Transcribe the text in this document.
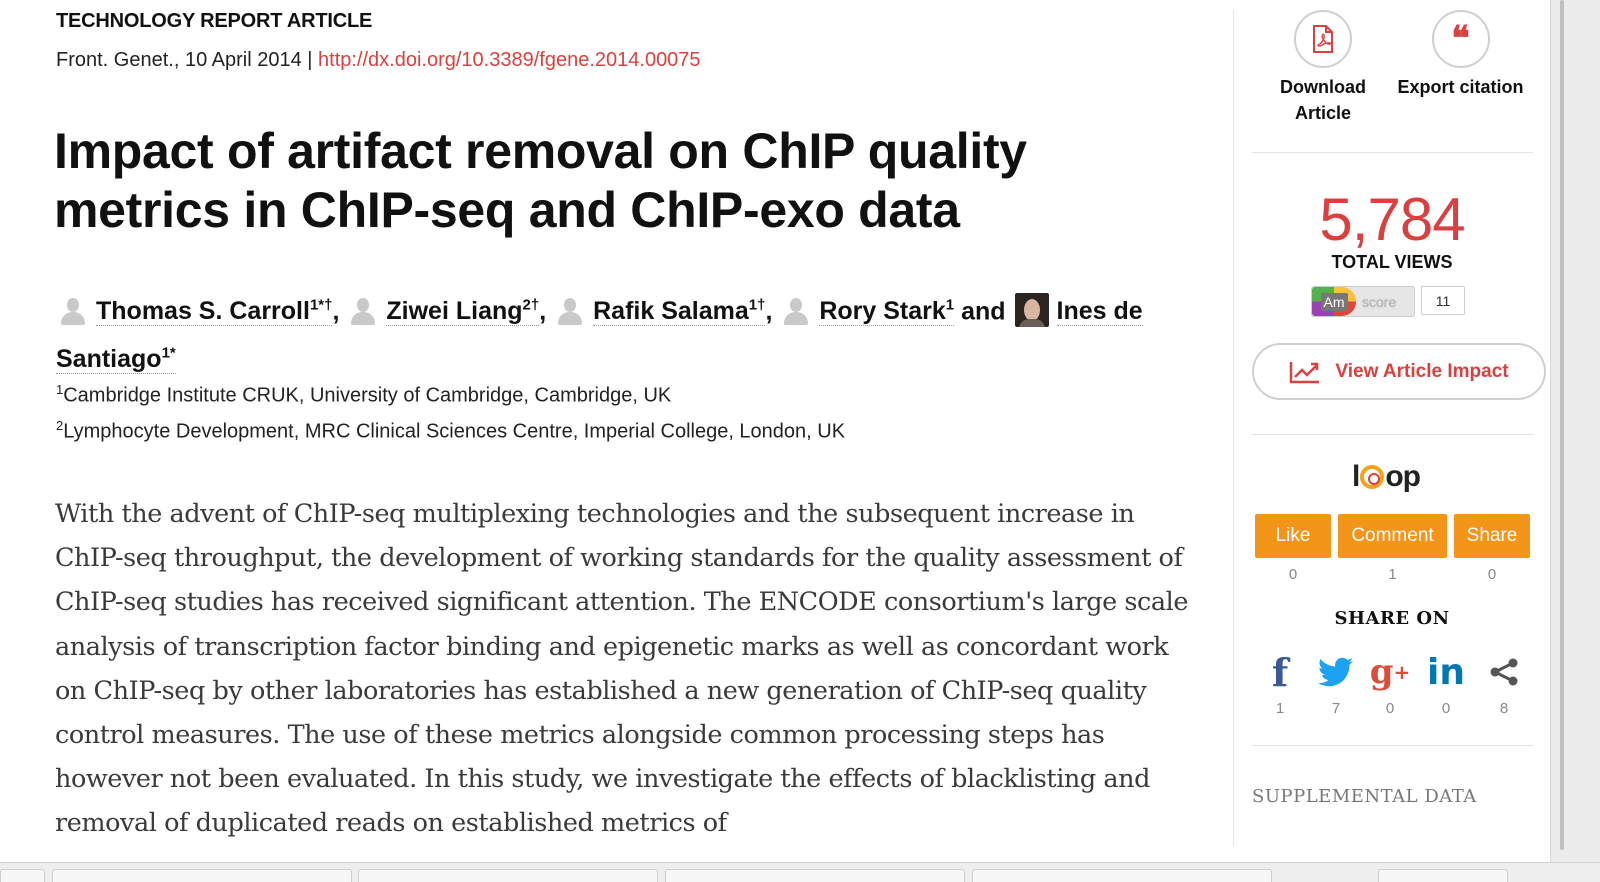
TECHNOLOGY REPORT ARTICLE
Front. Genet., 10 April 2014 | http://dx.doi.org/10.3389/fgene.2014.00075
Impact of artifact removal on ChIP quality metrics in ChIP-seq and ChIP-exo data
Thomas S. Carroll$^{1*\dagger}$, Ziwei Liang$^{2\dagger}$, Rafik Salama$^{1\dagger}$, Rory Stark$^1$ and Ines de Santiago$^{1*}$
$^1$Cambridge Institute CRUK, University of Cambridge, Cambridge, UK
$^2$Lymphocyte Development, MRC Clinical Sciences Centre, Imperial College, London, UK

With the advent of ChIP-seq multiplexing technologies and the subsequent increase in ChIP-seq throughput, the development of working standards for the quality assessment of ChIP-seq studies has received significant attention. The ENCODE consortium's large scale analysis of transcription factor binding and epigenetic marks as well as concordant work on ChIP-seq by other laboratories has established a new generation of ChIP-seq quality control measures. The use of these metrics alongside common processing steps has however not been evaluated. In this study, we investigate the effects of blacklisting and removal of duplicated reads on established metrics of

Download Article
❝
Export citation
5,784
TOTAL VIEWS
Am score	11
View Article Impact
l op
Like	Comment	Share
0	1	0
SHARE ON
f
1	7
g +
0
in
0	8
SUPPLEMENTAL DATA
